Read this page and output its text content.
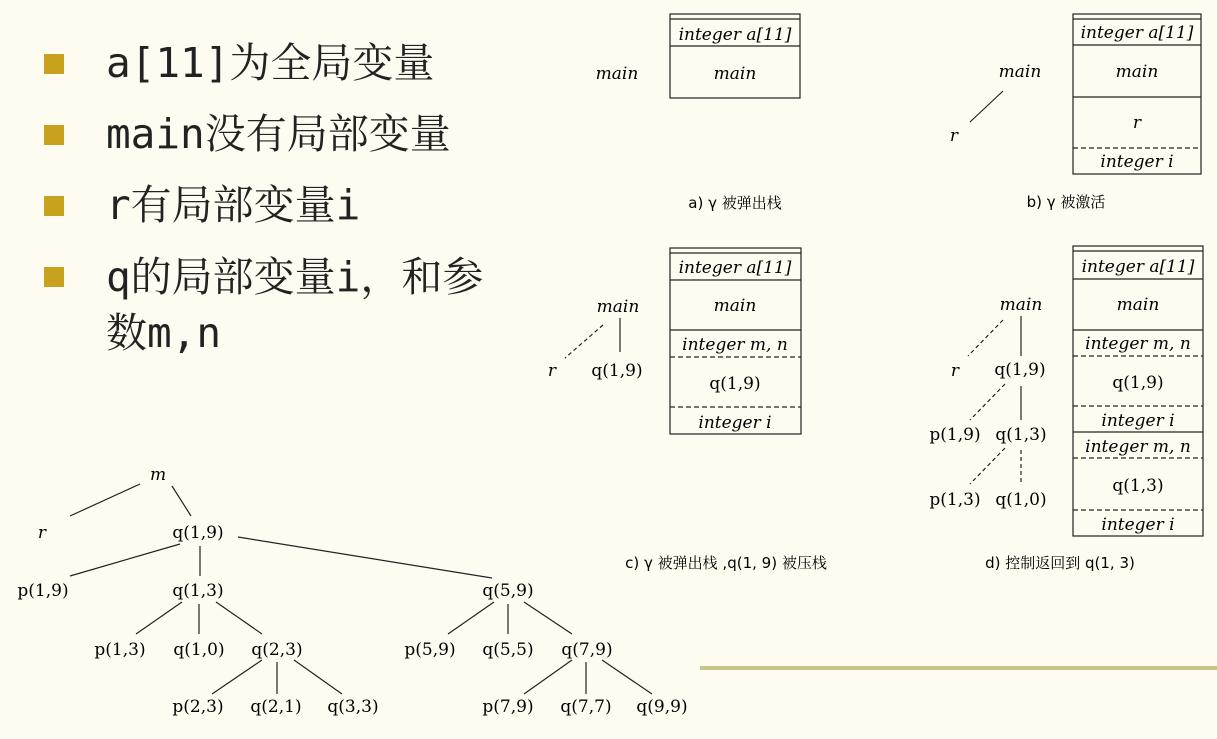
a[11]为全局变量
main没有局部变量
r有局部变量i
q的局部变量i，和参数m,n
integer a[11]
main
main
a) γ 被弹出栈
integer a[11]
main
r
integer i
main
r
b) γ 被激活
integer a[11]
main
integer m, n
q(1,9)
integer i
main
r q(1,9)
c) γ 被弹出栈 ,q(1, 9) 被压栈
integer a[11]
main
integer m, n
q(1,9)
integer i
integer m, n
q(1,3)
integer i
main
r q(1,9)
p(1,9) q(1,3)
p(1,3) q(1,0)
d) 控制返回到 q(1, 3)
m
r	q(1,9)
p(1,9)	q(1,3)	q(5,9)
p(1,3) q(1,0) q(2,3)	p(5,9) q(5,5) q(7,9)
p(2,3) q(2,1) q(3,3)	p(7,9) q(7,7) q(9,9)
